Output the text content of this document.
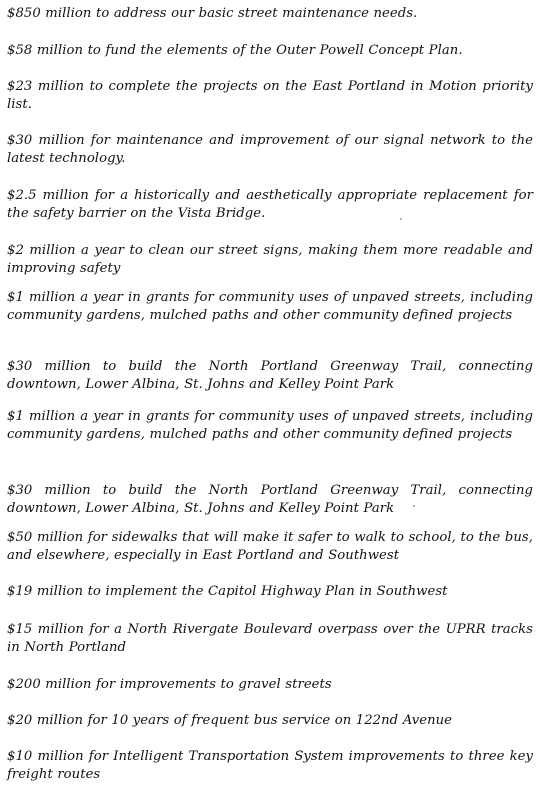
$850 million to address our basic street maintenance needs.

$58 million to fund the elements of the Outer Powell Concept Plan.

$23 million to complete the projects on the East Portland in Motion priority list.

$30 million for maintenance and improvement of our signal network to the latest technology.

$2.5 million for a historically and aesthetically appropriate replacement for the safety barrier on the Vista Bridge.

$2 million a year to clean our street signs, making them more readable and improving safety

$1 million a year in grants for community uses of unpaved streets, including community gardens, mulched paths and other community defined projects

$30 million to build the North Portland Greenway Trail, connecting downtown, Lower Albina, St. Johns and Kelley Point Park

$1 million a year in grants for community uses of unpaved streets, including community gardens, mulched paths and other community defined projects

$30 million to build the North Portland Greenway Trail, connecting downtown, Lower Albina, St. Johns and Kelley Point Park

$50 million for sidewalks that will make it safer to walk to school, to the bus, and elsewhere, especially in East Portland and Southwest

$19 million to implement the Capitol Highway Plan in Southwest

$15 million for a North Rivergate Boulevard overpass over the UPRR tracks in North Portland

$200 million for improvements to gravel streets

$20 million for 10 years of frequent bus service on 122nd Avenue

$10 million for Intelligent Transportation System improvements to three key freight routes
